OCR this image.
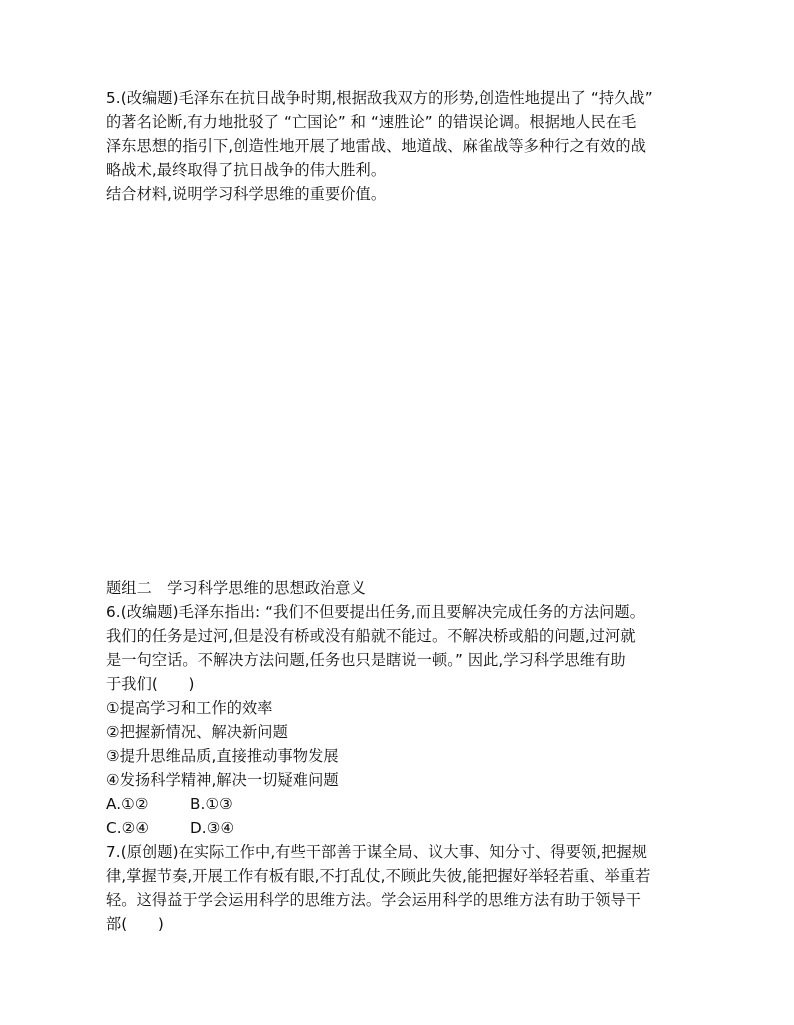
5.(改编题)毛泽东在抗日战争时期,根据敌我双方的形势,创造性地提出了 “持久战”
的著名论断,有力地批驳了 “亡国论” 和 “速胜论” 的错误论调。根据地人民在毛
泽东思想的指引下,创造性地开展了地雷战、地道战、麻雀战等多种行之有效的战
略战术,最终取得了抗日战争的伟大胜利。
结合材料,说明学习科学思维的重要价值。
题组二　学习科学思维的思想政治意义
6.(改编题)毛泽东指出: “我们不但要提出任务,而且要解决完成任务的方法问题。
我们的任务是过河,但是没有桥或没有船就不能过。不解决桥或船的问题,过河就
是一句空话。不解决方法问题,任务也只是瞎说一顿。” 因此,学习科学思维有助
于我们(　　)
①提高学习和工作的效率
②把握新情况、解决新问题
③提升思维品质,直接推动事物发展
④发扬科学精神,解决一切疑难问题
A.①②	B.①③
C.②④	D.③④
7.(原创题)在实际工作中,有些干部善于谋全局、议大事、知分寸、得要领,把握规
律,掌握节奏,开展工作有板有眼,不打乱仗,不顾此失彼,能把握好举轻若重、举重若
轻。这得益于学会运用科学的思维方法。学会运用科学的思维方法有助于领导干
部(　　)
